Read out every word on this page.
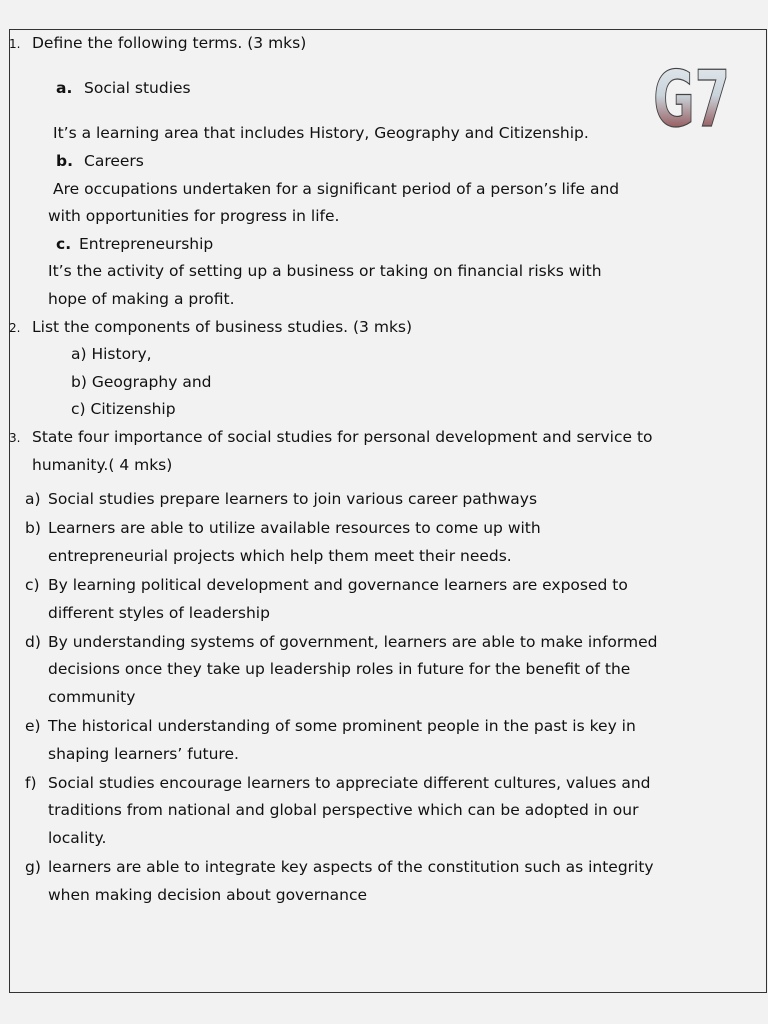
G7
1. Define the following terms. (3 mks)
a. Social studies
It’s a learning area that includes History, Geography and Citizenship.
b. Careers
Are occupations undertaken for a significant period of a person’s life and
with opportunities for progress in life.
c. Entrepreneurship
It’s the activity of setting up a business or taking on financial risks with
hope of making a profit.
2. List the components of business studies. (3 mks)
a) History,
b) Geography and
c) Citizenship
3. State four importance of social studies for personal development and service to
humanity.( 4 mks)
a) Social studies prepare learners to join various career pathways
b) Learners are able to utilize available resources to come up with
entrepreneurial projects which help them meet their needs.
c) By learning political development and governance learners are exposed to
different styles of leadership
d) By understanding systems of government, learners are able to make informed
decisions once they take up leadership roles in future for the benefit of the
community
e) The historical understanding of some prominent people in the past is key in
shaping learners’ future.
f) Social studies encourage learners to appreciate different cultures, values and
traditions from national and global perspective which can be adopted in our
locality.
g) learners are able to integrate key aspects of the constitution such as integrity
when making decision about governance
